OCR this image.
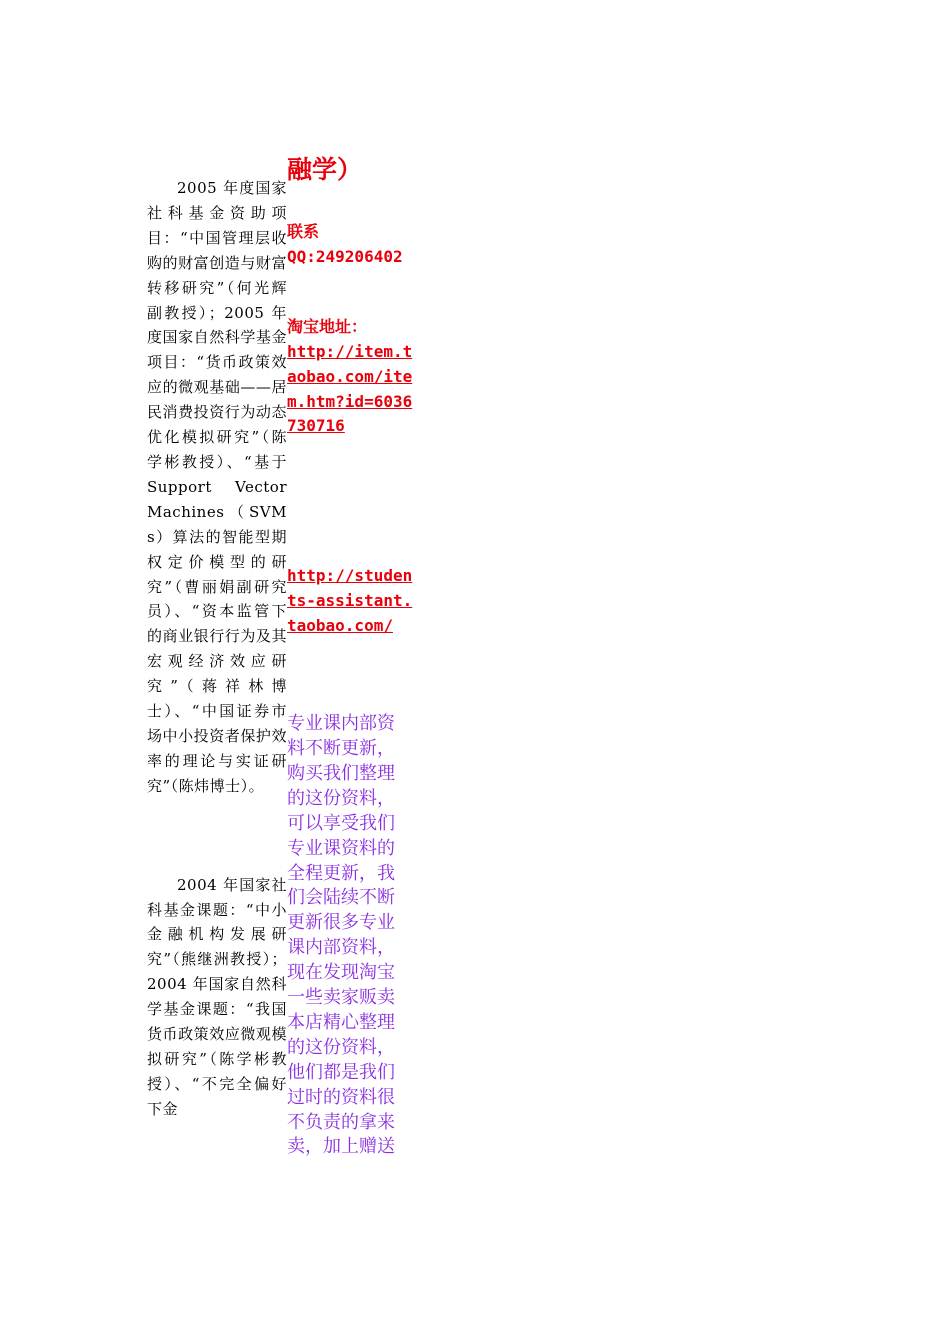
2005 年度国家社科基金资助项目：“中国管理层收购的财富创造与财富转移研究”（何光辉副教授）；2005 年度国家自然科学基金项目：“货币政策效应的微观基础——居民消费投资行为动态优化模拟研究”（陈学彬教授）、“基于 Support Vector Machines（SVMs）算法的智能型期权定价模型的研究”（曹丽娟副研究员）、“资本监管下的商业银行行为及其宏观经济效应研究”（蒋祥林博士）、“中国证券市场中小投资者保护效率的理论与实证研究”（陈炜博士）。

2004 年国家社科基金课题：“中小金融机构发展研究”（熊继洲教授）；2004 年国家自然科学基金课题：“我国货币政策效应微观模拟研究”（陈学彬教授）、“不完全偏好下金

融学）
联系
QQ:249206402
淘宝地址：
http://item.taobao.com/item.htm?id=6036730716
http://students-assistant.taobao.com/
专业课内部资料不断更新，购买我们整理的这份资料，可以享受我们专业课资料的全程更新，我们会陆续不断更新很多专业课内部资料，现在发现淘宝一些卖家贩卖本店精心整理的这份资料，他们都是我们过时的资料很不负责的拿来卖，加上赠送
